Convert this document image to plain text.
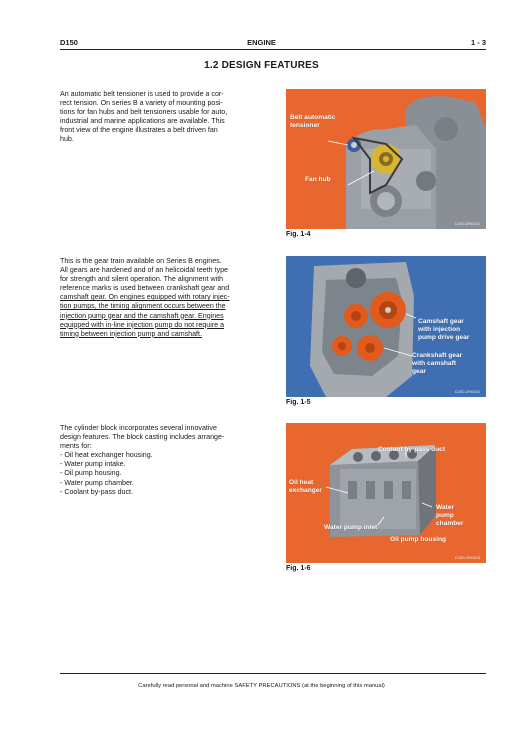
D150	ENGINE	1 - 3
1.2 DESIGN FEATURES
An automatic belt tensioner is used to provide a cor-
rect tension. On series B a variety of mounting posi-
tions for fan hubs and belt tensioners usable for auto,
industrial and marine applications are available. This
front view of the engine illustrates a belt driven fan
hub.
Belt automatic
tensioner
Fan hub
D150-2R0101
Fig. 1-4
This is the gear train available on Series B engines.
All gears are hardened and of an helicoidal teeth type
for strength and silent operation. The alignment with
reference marks is used between crankshaft gear and
camshaft gear. On engines equipped with rotary injec-
tion pumps, the timing alignment occurs between the
injection pump gear and the camshaft gear. Engines
equipped with in-line injection pump do not require a
timing between injection pump and camshaft.
Camshaft gear
with injection
pump drive gear
Crankshaft gear
with camshaft
gear
D150-2R0102
Fig. 1-5
The cylinder block incorporates several innovative
design features. The block casting includes arrange-
ments for:
- Oil heat exchanger housing.
- Water pump intake.
- Oil pump housing.
- Water pump chamber.
- Coolant by-pass duct.
Coolant by-pass duct
Oil heat
exchanger
Water
pump
chamber
Water pump inlet
Oil pump housing
D150-2R0103
Fig. 1-6
Carefully read personal and machine SAFETY PRECAUTIONS (at the beginning of this manual)
